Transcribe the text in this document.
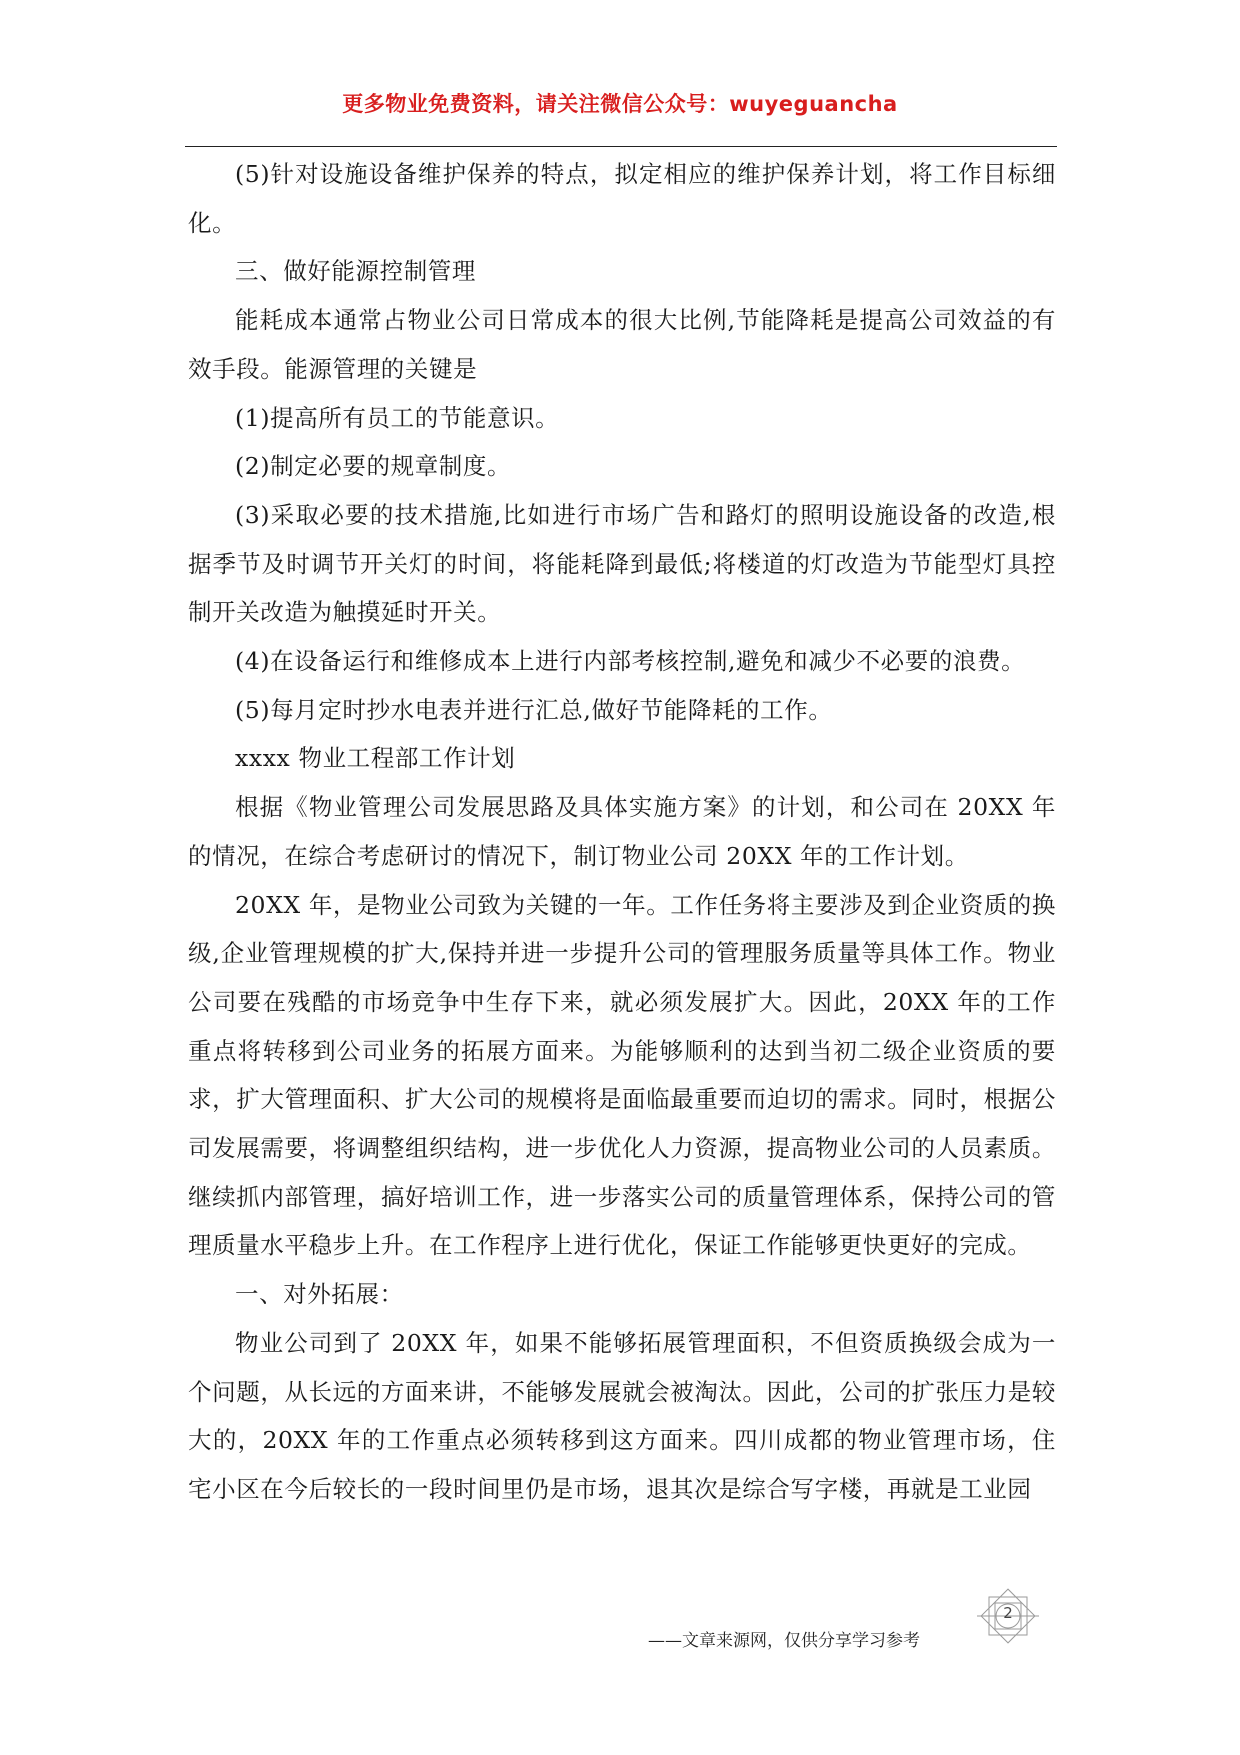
更多物业免费资料，请关注微信公众号：wuyeguancha

(5)针对设施设备维护保养的特点，拟定相应的维护保养计划，将工作目标细化。

三、做好能源控制管理

能耗成本通常占物业公司日常成本的很大比例,节能降耗是提高公司效益的有效手段。能源管理的关键是

(1)提高所有员工的节能意识。

(2)制定必要的规章制度。

(3)采取必要的技术措施,比如进行市场广告和路灯的照明设施设备的改造,根据季节及时调节开关灯的时间，将能耗降到最低;将楼道的灯改造为节能型灯具控制开关改造为触摸延时开关。

(4)在设备运行和维修成本上进行内部考核控制,避免和减少不必要的浪费。

(5)每月定时抄水电表并进行汇总,做好节能降耗的工作。

xxxx 物业工程部工作计划

根据《物业管理公司发展思路及具体实施方案》的计划，和公司在 20XX 年的情况，在综合考虑研讨的情况下，制订物业公司 20XX 年的工作计划。

20XX 年，是物业公司致为关键的一年。工作任务将主要涉及到企业资质的换级,企业管理规模的扩大,保持并进一步提升公司的管理服务质量等具体工作。物业公司要在残酷的市场竞争中生存下来，就必须发展扩大。因此，20XX 年的工作重点将转移到公司业务的拓展方面来。为能够顺利的达到当初二级企业资质的要求，扩大管理面积、扩大公司的规模将是面临最重要而迫切的需求。同时，根据公司发展需要，将调整组织结构，进一步优化人力资源，提高物业公司的人员素质。继续抓内部管理，搞好培训工作，进一步落实公司的质量管理体系，保持公司的管理质量水平稳步上升。在工作程序上进行优化，保证工作能够更快更好的完成。

一、对外拓展：

物业公司到了 20XX 年，如果不能够拓展管理面积，不但资质换级会成为一个问题，从长远的方面来讲，不能够发展就会被淘汰。因此，公司的扩张压力是较大的，20XX 年的工作重点必须转移到这方面来。四川成都的物业管理市场，住宅小区在今后较长的一段时间里仍是市场，退其次是综合写字楼，再就是工业园

——文章来源网，仅供分享学习参考
2
